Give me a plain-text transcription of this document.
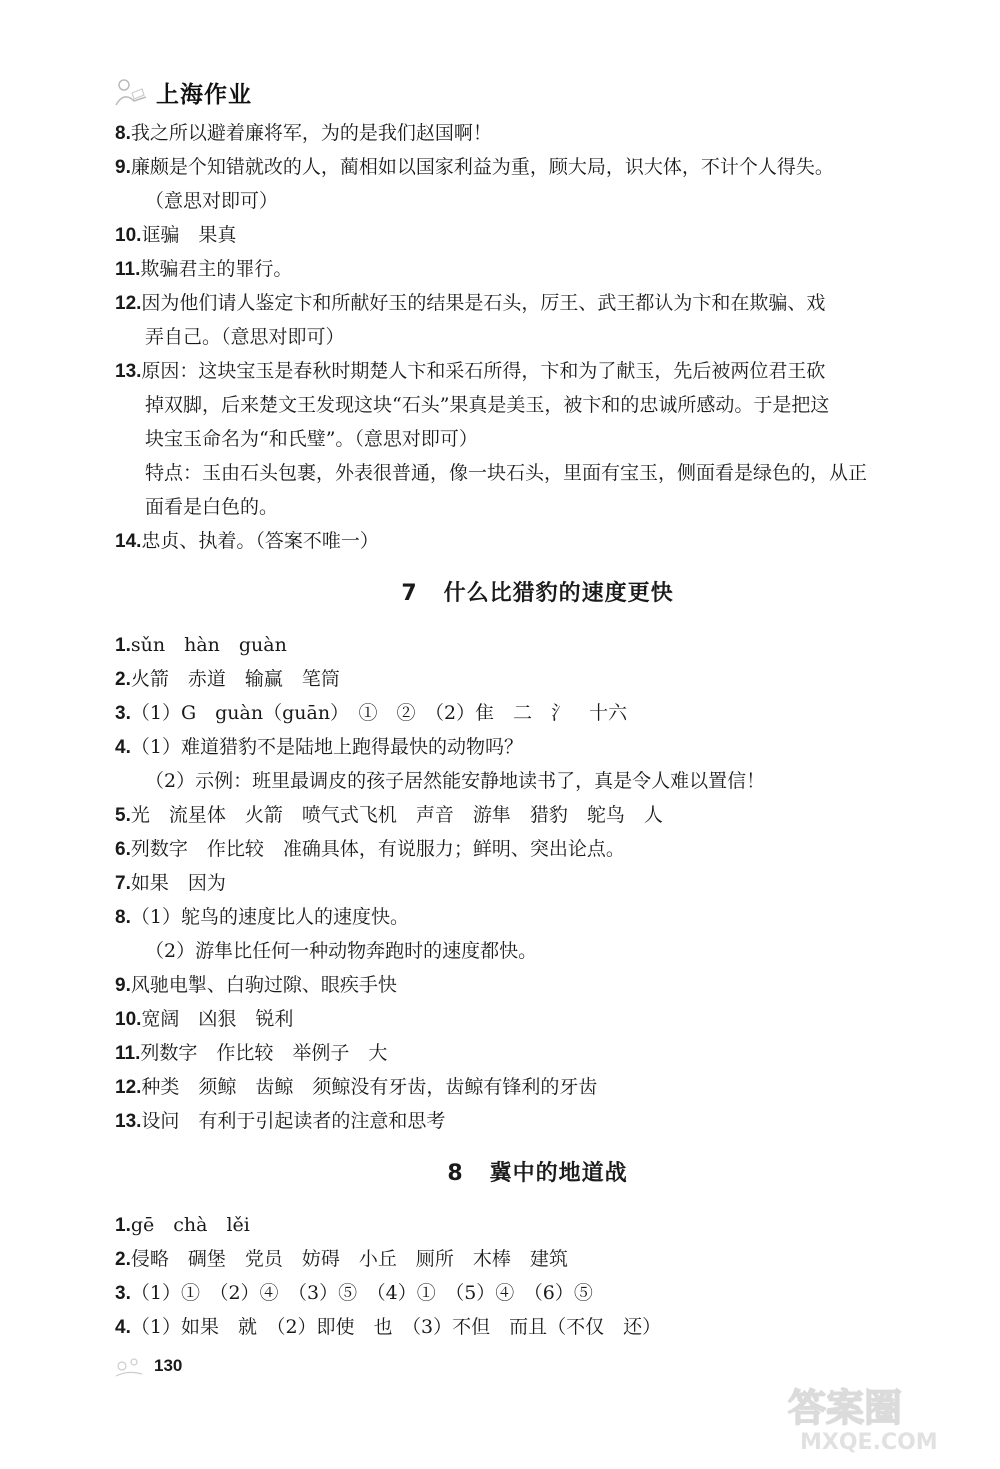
上海作业
8.我之所以避着廉将军，为的是我们赵国啊！
9.廉颇是个知错就改的人，蔺相如以国家利益为重，顾大局，识大体，不计个人得失。
（意思对即可）
10.诓骗　果真
11.欺骗君主的罪行。
12.因为他们请人鉴定卞和所献好玉的结果是石头，厉王、武王都认为卞和在欺骗、戏
弄自己。（意思对即可）
13.原因：这块宝玉是春秋时期楚人卞和采石所得，卞和为了献玉，先后被两位君王砍
掉双脚，后来楚文王发现这块“石头”果真是美玉，被卞和的忠诚所感动。于是把这
块宝玉命名为“和氏璧”。（意思对即可）
特点：玉由石头包裹，外表很普通，像一块石头，里面有宝玉，侧面看是绿色的，从正
面看是白色的。
14.忠贞、执着。（答案不唯一）
7 什么比猎豹的速度更快
1.sǔn　hàn　guàn
2.火箭　赤道　输赢　笔筒
3.（1）G　guàn（guān）　①　②　（2）隹　二　氵　十六
4.（1）难道猎豹不是陆地上跑得最快的动物吗？
（2）示例：班里最调皮的孩子居然能安静地读书了，真是令人难以置信！
5.光　流星体　火箭　喷气式飞机　声音　游隼　猎豹　鸵鸟　人
6.列数字　作比较　准确具体，有说服力；鲜明、突出论点。
7.如果　因为
8.（1）鸵鸟的速度比人的速度快。
（2）游隼比任何一种动物奔跑时的速度都快。
9.风驰电掣、白驹过隙、眼疾手快
10.宽阔　凶狠　锐利
11.列数字　作比较　举例子　大
12.种类　须鲸　齿鲸　须鲸没有牙齿，齿鲸有锋利的牙齿
13.设问　有利于引起读者的注意和思考
8 冀中的地道战
1.gē　chà　lěi
2.侵略　碉堡　党员　妨碍　小丘　厕所　木棒　建筑
3.（1）①　（2）④　（3）⑤　（4）①　（5）④　（6）⑤
4.（1）如果　就　（2）即使　也　（3）不但　而且（不仅　还）
130
答案圈
MXQE.COM
